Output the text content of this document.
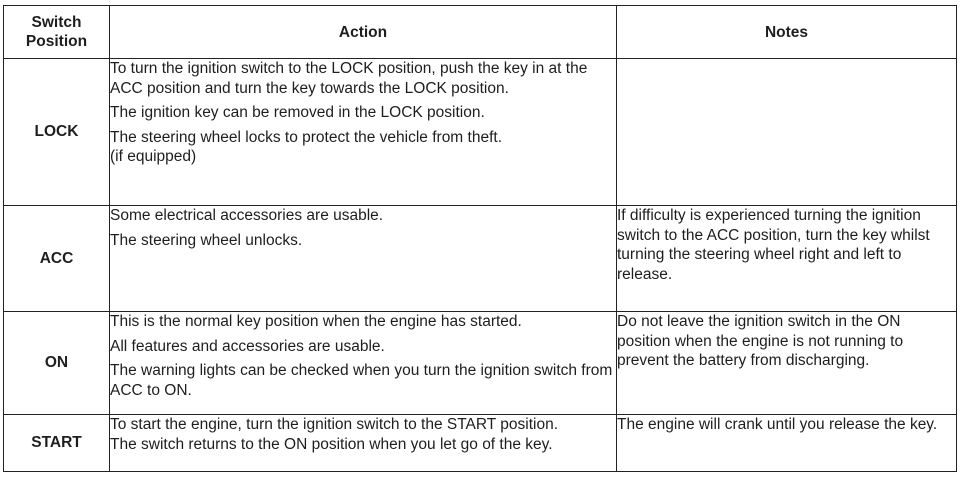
Switch
Position	Action	Notes
LOCK	To turn the ignition switch to the LOCK position, push the key in at the ACC position and turn the key towards the LOCK position.
The ignition key can be removed in the LOCK position.
The steering wheel locks to protect the vehicle from theft.
(if equipped)	

ACC	Some electrical accessories are usable.
The steering wheel unlocks.	If difficulty is experienced turning the ignition switch to the ACC position, turn the key whilst turning the steering wheel right and left to release.
ON	This is the normal key position when the engine has started.
All features and accessories are usable.
The warning lights can be checked when you turn the ignition switch from ACC to ON.	Do not leave the ignition switch in the ON position when the engine is not running to prevent the battery from discharging.
START	To start the engine, turn the ignition switch to the START position.
The switch returns to the ON position when you let go of the key.	The engine will crank until you release the key.
